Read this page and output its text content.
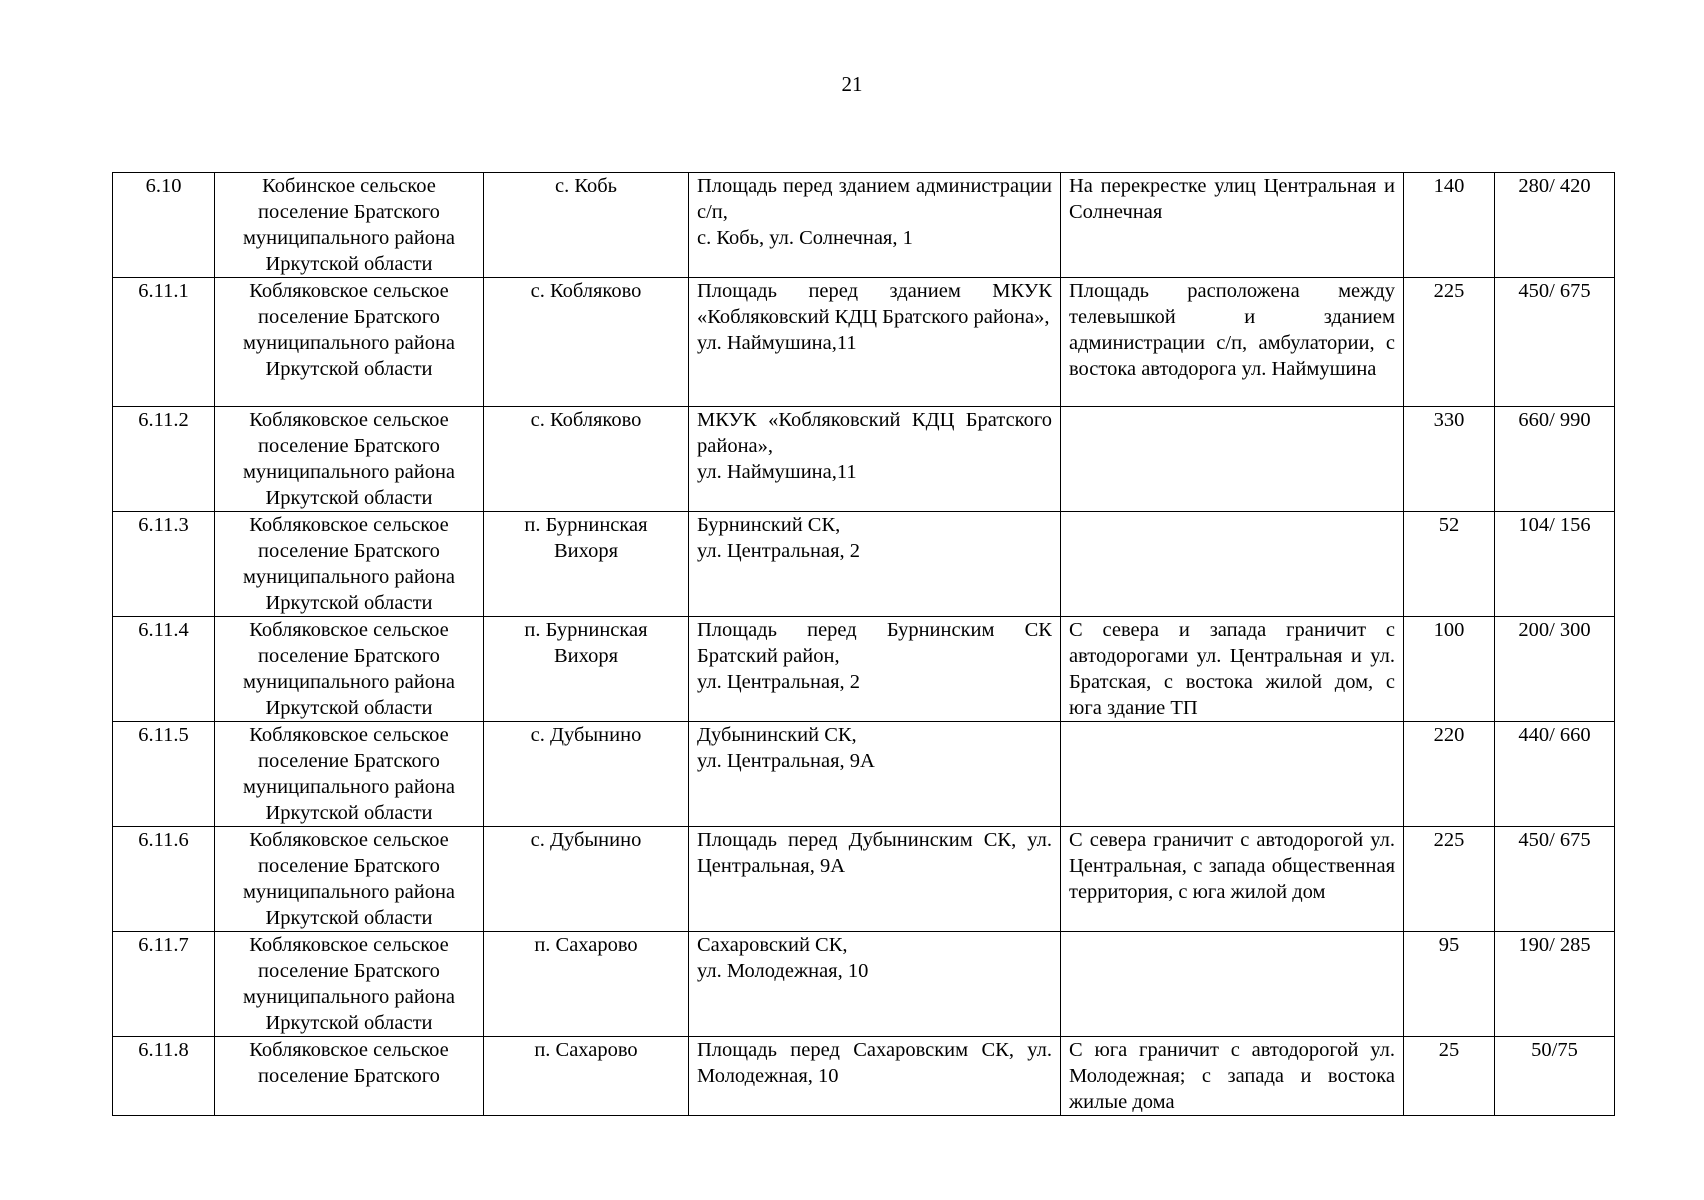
21
6.10	Кобинское сельское поселение Братского муниципального района Иркутской области	с. Кобь	Площадь перед зданием администрации с/п,
с. Кобь, ул. Солнечная, 1	На перекрестке улиц Центральная и Солнечная	140	280/ 420

6.11.1	Кобляковское сельское поселение Братского муниципального района Иркутской области	с. Кобляково	Площадь перед зданием МКУК «Кобляковский КДЦ Братского района»,
ул. Наймушина,11	Площадь расположена между телевышкой и зданием администрации с/п, амбулатории, с востока автодорога ул. Наймушина	225	450/ 675

6.11.2	Кобляковское сельское поселение Братского муниципального района Иркутской области	с. Кобляково	МКУК «Кобляковский КДЦ Братского района»,
ул. Наймушина,11		330	660/ 990

6.11.3	Кобляковское сельское поселение Братского муниципального района Иркутской области	п. Бурнинская Вихоря	Бурнинский СК,
ул. Центральная, 2		52	104/ 156

6.11.4	Кобляковское сельское поселение Братского муниципального района Иркутской области	п. Бурнинская Вихоря	Площадь перед Бурнинским СК Братский район,
ул. Центральная, 2	С севера и запада граничит с автодорогами ул. Центральная и ул. Братская, с востока жилой дом, с юга здание ТП	100	200/ 300

6.11.5	Кобляковское сельское поселение Братского муниципального района Иркутской области	с. Дубынино	Дубынинский СК,
ул. Центральная, 9А		220	440/ 660

6.11.6	Кобляковское сельское поселение Братского муниципального района Иркутской области	с. Дубынино	Площадь перед Дубынинским СК, ул. Центральная, 9А	С севера граничит с автодорогой ул. Центральная, с запада общественная территория, с юга жилой дом	225	450/ 675

6.11.7	Кобляковское сельское поселение Братского муниципального района Иркутской области	п. Сахарово	Сахаровский СК,
ул. Молодежная, 10		95	190/ 285

6.11.8	Кобляковское сельское поселение Братского	п. Сахарово	Площадь перед Сахаровским СК, ул. Молодежная, 10	С юга граничит с автодорогой ул. Молодежная; с запада и востока жилые дома	25	50/75
